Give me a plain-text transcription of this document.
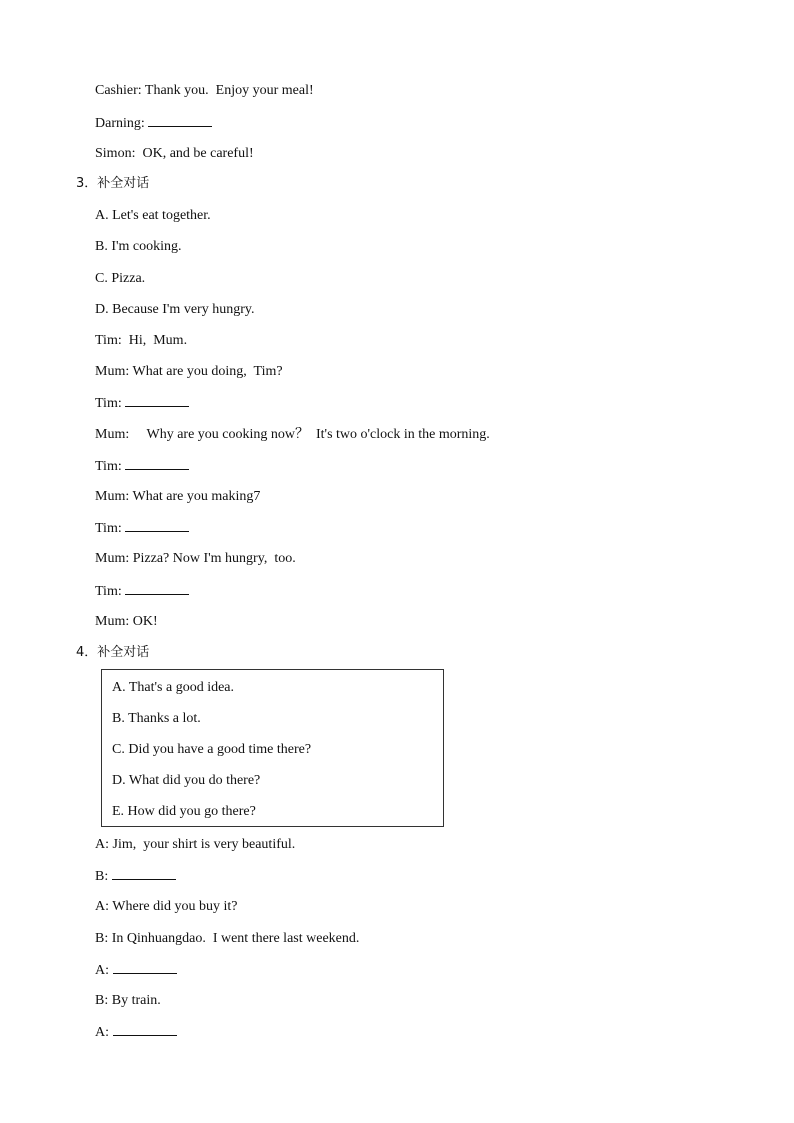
Cashier: Thank you.  Enjoy your meal!
Darning:
Simon:  OK, and be careful!
3．补全对话
A. Let's eat together.
B. I'm cooking.
C. Pizza.
D. Because I'm very hungry.
Tim:  Hi,  Mum.
Mum: What are you doing,  Tim?
Tim:
Mum:     Why are you cooking now？  It's two o'clock in the morning.
Tim:
Mum: What are you making7
Tim:
Mum: Pizza? Now I'm hungry,  too.
Tim:
Mum: OK!
4．补全对话
A. That's a good idea.
B. Thanks a lot.
C. Did you have a good time there?
D. What did you do there?
E. How did you go there?
A: Jim,  your shirt is very beautiful.
B:
A: Where did you buy it?
B: In Qinhuangdao.  I went there last weekend.
A:
B: By train.
A:
